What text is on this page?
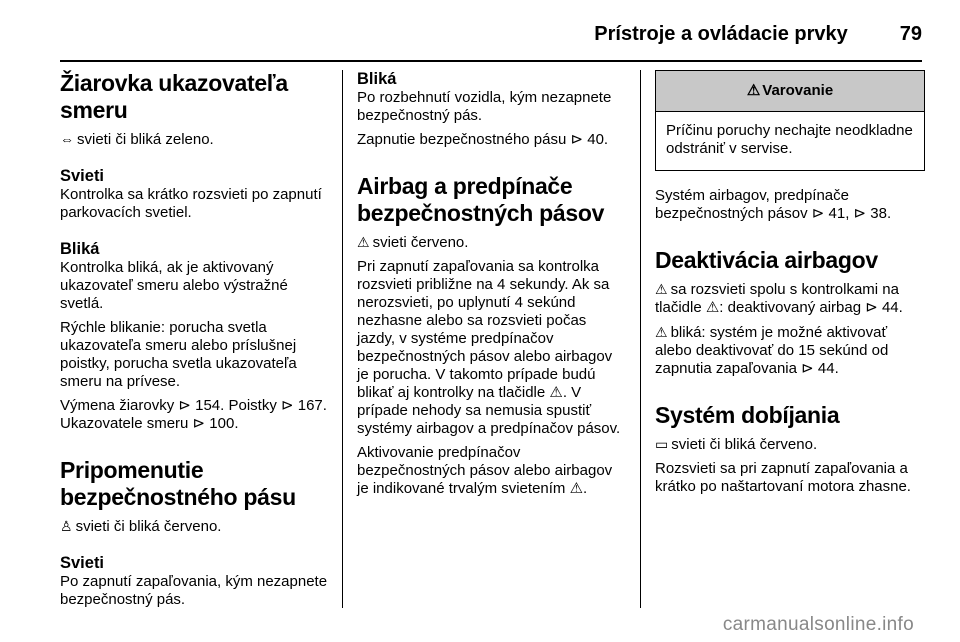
Prístroje a ovládacie prvky	79
Žiarovka ukazovateľa smeru

⇔ svieti či bliká zeleno.

Svieti

Kontrolka sa krátko rozsvieti po zapnutí parkovacích svetiel.

Bliká

Kontrolka bliká, ak je aktivovaný ukazovateľ smeru alebo výstražné svetlá.

Rýchle blikanie: porucha svetla ukazovateľa smeru alebo príslušnej poistky, porucha svetla ukazovateľa smeru na prívese.

Výmena žiarovky ⊳ 154. Poistky ⊳ 167. Ukazovatele smeru ⊳ 100.

Pripomenutie bezpečnostného pásu

♙ svieti či bliká červeno.

Svieti

Po zapnutí zapaľovania, kým nezapnete bezpečnostný pás.

Bliká

Po rozbehnutí vozidla, kým nezapnete bezpečnostný pás.

Zapnutie bezpečnostného pásu ⊳ 40.

Airbag a predpínače bezpečnostných pásov

⚠ svieti červeno.

Pri zapnutí zapaľovania sa kontrolka rozsvieti približne na 4 sekundy. Ak sa nerozsvieti, po uplynutí 4 sekúnd nezhasne alebo sa rozsvieti počas jazdy, v systéme predpínačov bezpečnostných pásov alebo airbagov je porucha. V takomto prípade budú blikať aj kontrolky na tlačidle ⚠. V prípade nehody sa nemusia spustiť systémy airbagov a predpínačov pásov.

Aktivovanie predpínačov bezpečnostných pásov alebo airbagov je indikované trvalým svietením ⚠.

⚠ Varovanie

Príčinu poruchy nechajte neodkladne odstrániť v servise.

Systém airbagov, predpínače bezpečnostných pásov ⊳ 41, ⊳ 38.

Deaktivácia airbagov

⚠ sa rozsvieti spolu s kontrolkami na tlačidle ⚠: deaktivovaný airbag ⊳ 44.

⚠ bliká: systém je možné aktivovať alebo deaktivovať do 15 sekúnd od zapnutia zapaľovania ⊳ 44.

Systém dobíjania

▭ svieti či bliká červeno.

Rozsvieti sa pri zapnutí zapaľovania a krátko po naštartovaní motora zhasne.

carmanualsonline.info
